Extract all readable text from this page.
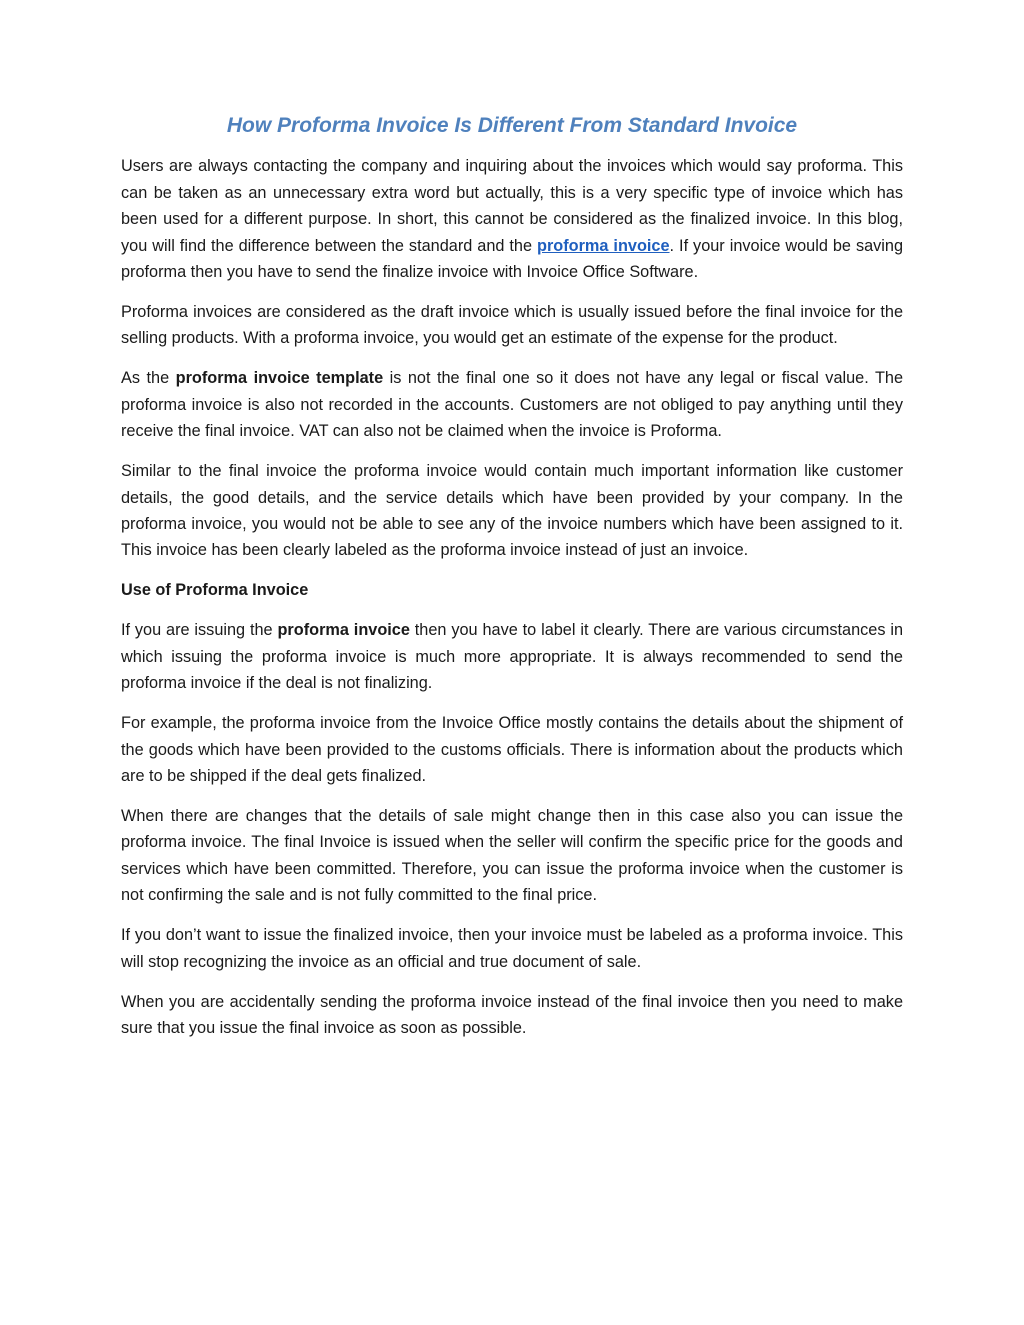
How Proforma Invoice Is Different From Standard Invoice

Users are always contacting the company and inquiring about the invoices which would say proforma. This can be taken as an unnecessary extra word but actually, this is a very specific type of invoice which has been used for a different purpose. In short, this cannot be considered as the finalized invoice. In this blog, you will find the difference between the standard and the proforma invoice. If your invoice would be saving proforma then you have to send the finalize invoice with Invoice Office Software.

Proforma invoices are considered as the draft invoice which is usually issued before the final invoice for the selling products. With a proforma invoice, you would get an estimate of the expense for the product.

As the proforma invoice template is not the final one so it does not have any legal or fiscal value. The proforma invoice is also not recorded in the accounts. Customers are not obliged to pay anything until they receive the final invoice. VAT can also not be claimed when the invoice is Proforma.

Similar to the final invoice the proforma invoice would contain much important information like customer details, the good details, and the service details which have been provided by your company. In the proforma invoice, you would not be able to see any of the invoice numbers which have been assigned to it. This invoice has been clearly labeled as the proforma invoice instead of just an invoice.

Use of Proforma Invoice

If you are issuing the proforma invoice then you have to label it clearly. There are various circumstances in which issuing the proforma invoice is much more appropriate. It is always recommended to send the proforma invoice if the deal is not finalizing.

For example, the proforma invoice from the Invoice Office mostly contains the details about the shipment of the goods which have been provided to the customs officials. There is information about the products which are to be shipped if the deal gets finalized.

When there are changes that the details of sale might change then in this case also you can issue the proforma invoice. The final Invoice is issued when the seller will confirm the specific price for the goods and services which have been committed. Therefore, you can issue the proforma invoice when the customer is not confirming the sale and is not fully committed to the final price.

If you don’t want to issue the finalized invoice, then your invoice must be labeled as a proforma invoice. This will stop recognizing the invoice as an official and true document of sale.

When you are accidentally sending the proforma invoice instead of the final invoice then you need to make sure that you issue the final invoice as soon as possible.
